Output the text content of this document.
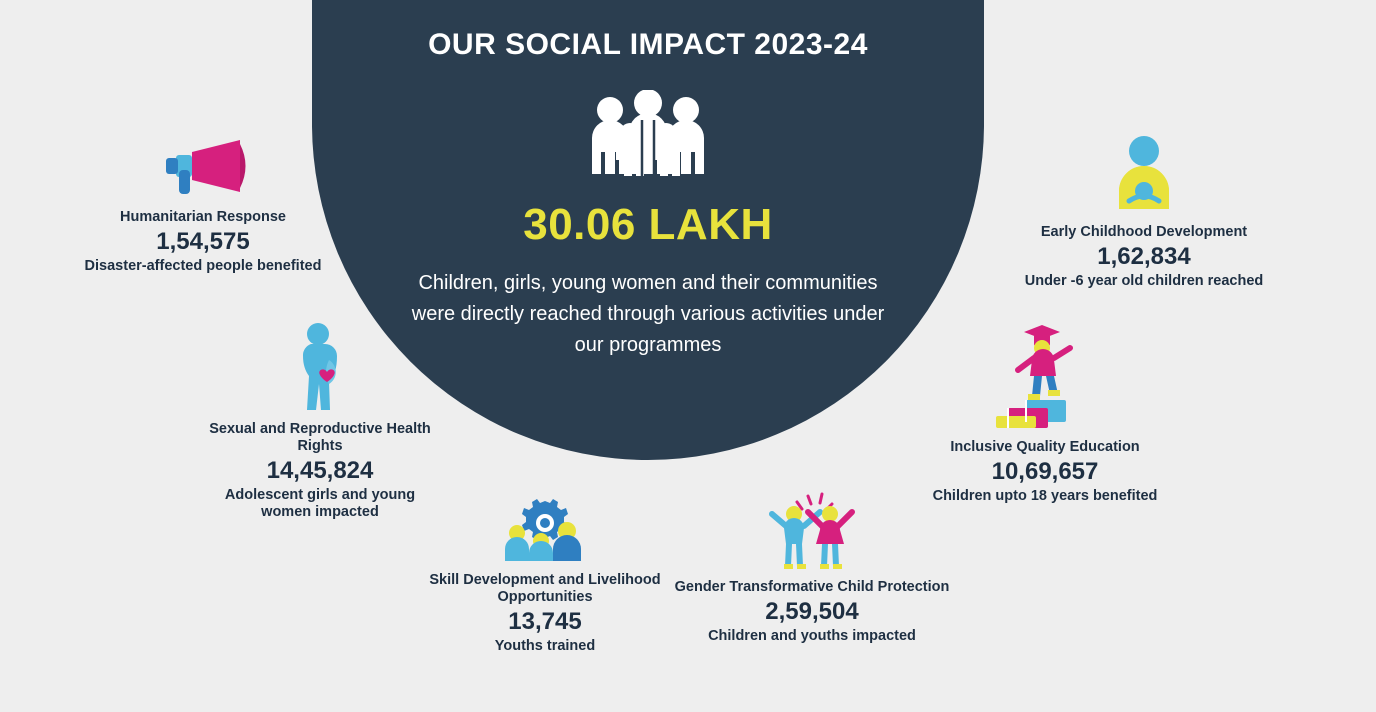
OUR SOCIAL IMPACT 2023-24
30.06 LAKH
Children, girls, young women and their communities were directly reached through various activities under our programmes
Humanitarian Response
1,54,575
Disaster-affected people benefited
Sexual and Reproductive Health Rights
14,45,824
Adolescent girls and young women impacted
Skill Development and Livelihood Opportunities
13,745
Youths trained
Gender Transformative Child Protection
2,59,504
Children and youths impacted
Inclusive Quality Education
10,69,657
Children upto 18 years benefited
Early Childhood Development
1,62,834
Under -6 year old children reached
